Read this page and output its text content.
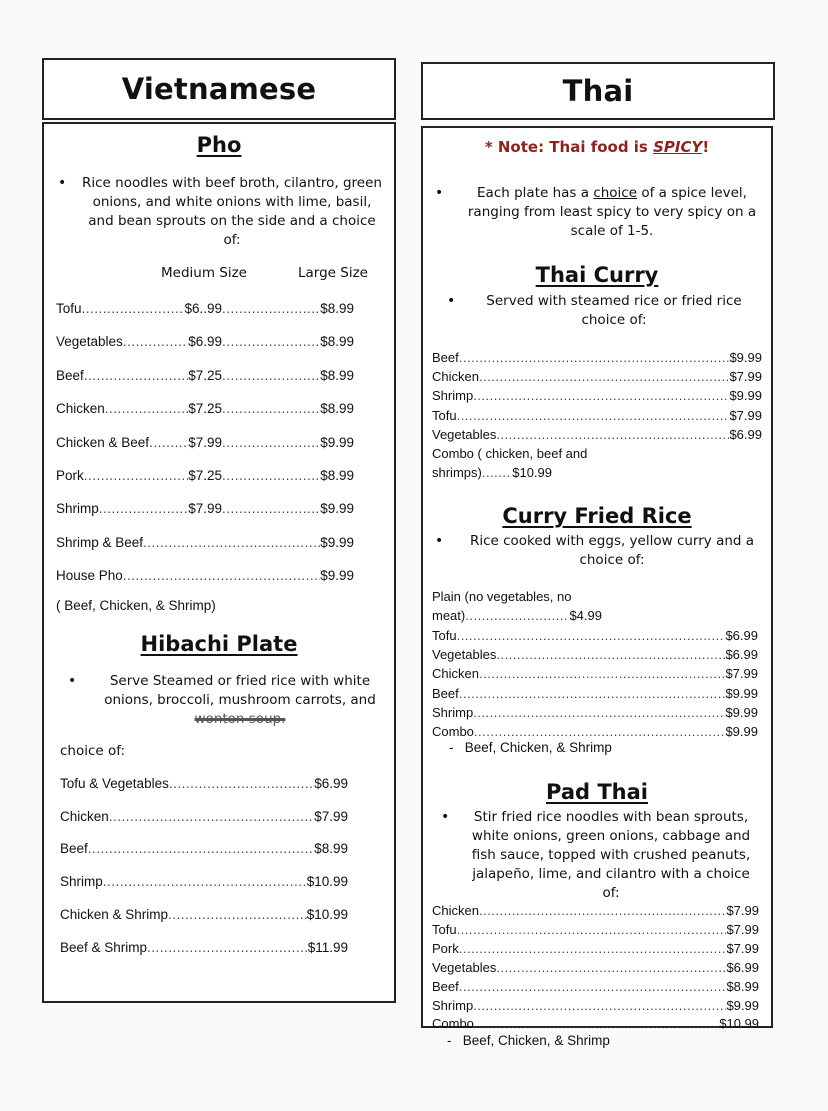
Vietnamese
Pho
• Rice noodles with beef broth, cilantro, green onions, and white onions with lime, basil, and bean sprouts on the side and a choice of:
Medium Size	Large Size
Tofu .....	$6..99 .....	$8.99
Vegetables .....	$6.99 .....	$8.99
Beef .....	$7.25 .....	$8.99
Chicken .....	$7.25 .....	$8.99
Chicken & Beef .....	$7.99 .....	$9.99
Pork .....	$7.25 .....	$8.99
Shrimp .....	$7.99 .....	$9.99
Shrimp & Beef .....	$9.99
House Pho .....	$9.99
( Beef, Chicken, & Shrimp)
Hibachi Plate
• Serve Steamed or fried rice with white onions, broccoli, mushroom carrots, and wonton soup.
choice of:
Tofu & Vegetables .....	$6.99
Chicken .....	$7.99
Beef .....	$8.99
Shrimp .....	$10.99
Chicken & Shrimp .....	$10.99
Beef & Shrimp .....	$11.99
Thai
* Note: Thai food is SPICY!
•	Each plate has a choice of a spice level, ranging from least spicy to very spicy on a scale of 1-5.
Thai Curry
• Served with steamed rice or fried rice choice of:
Beef .....	$9.99
Chicken .....	$7.99
Shrimp .....	$9.99
Tofu .....	$7.99
Vegetables .....	$6.99
Combo ( chicken, beef and
shrimps) ..... $10.99
Curry Fried Rice
• Rice cooked with eggs, yellow curry and a choice of:
Plain (no vegetables, no
meat) .....	$4.99
Tofu .....	$6.99
Vegetables .....	$6.99
Chicken .....	$7.99
Beef .....	$9.99
Shrimp .....	$9.99
Combo .....	$9.99
- Beef, Chicken, & Shrimp
Pad Thai
• Stir fried rice noodles with bean sprouts, white onions, green onions, cabbage and fish sauce, topped with crushed peanuts, jalapeño, lime, and cilantro with a choice of:
Chicken .....	$7.99
Tofu .....	$7.99
Pork .....	$7.99
Vegetables .....	$6.99
Beef .....	$8.99
Shrimp .....	$9.99
Combo .....	$10.99
- Beef, Chicken, & Shrimp
